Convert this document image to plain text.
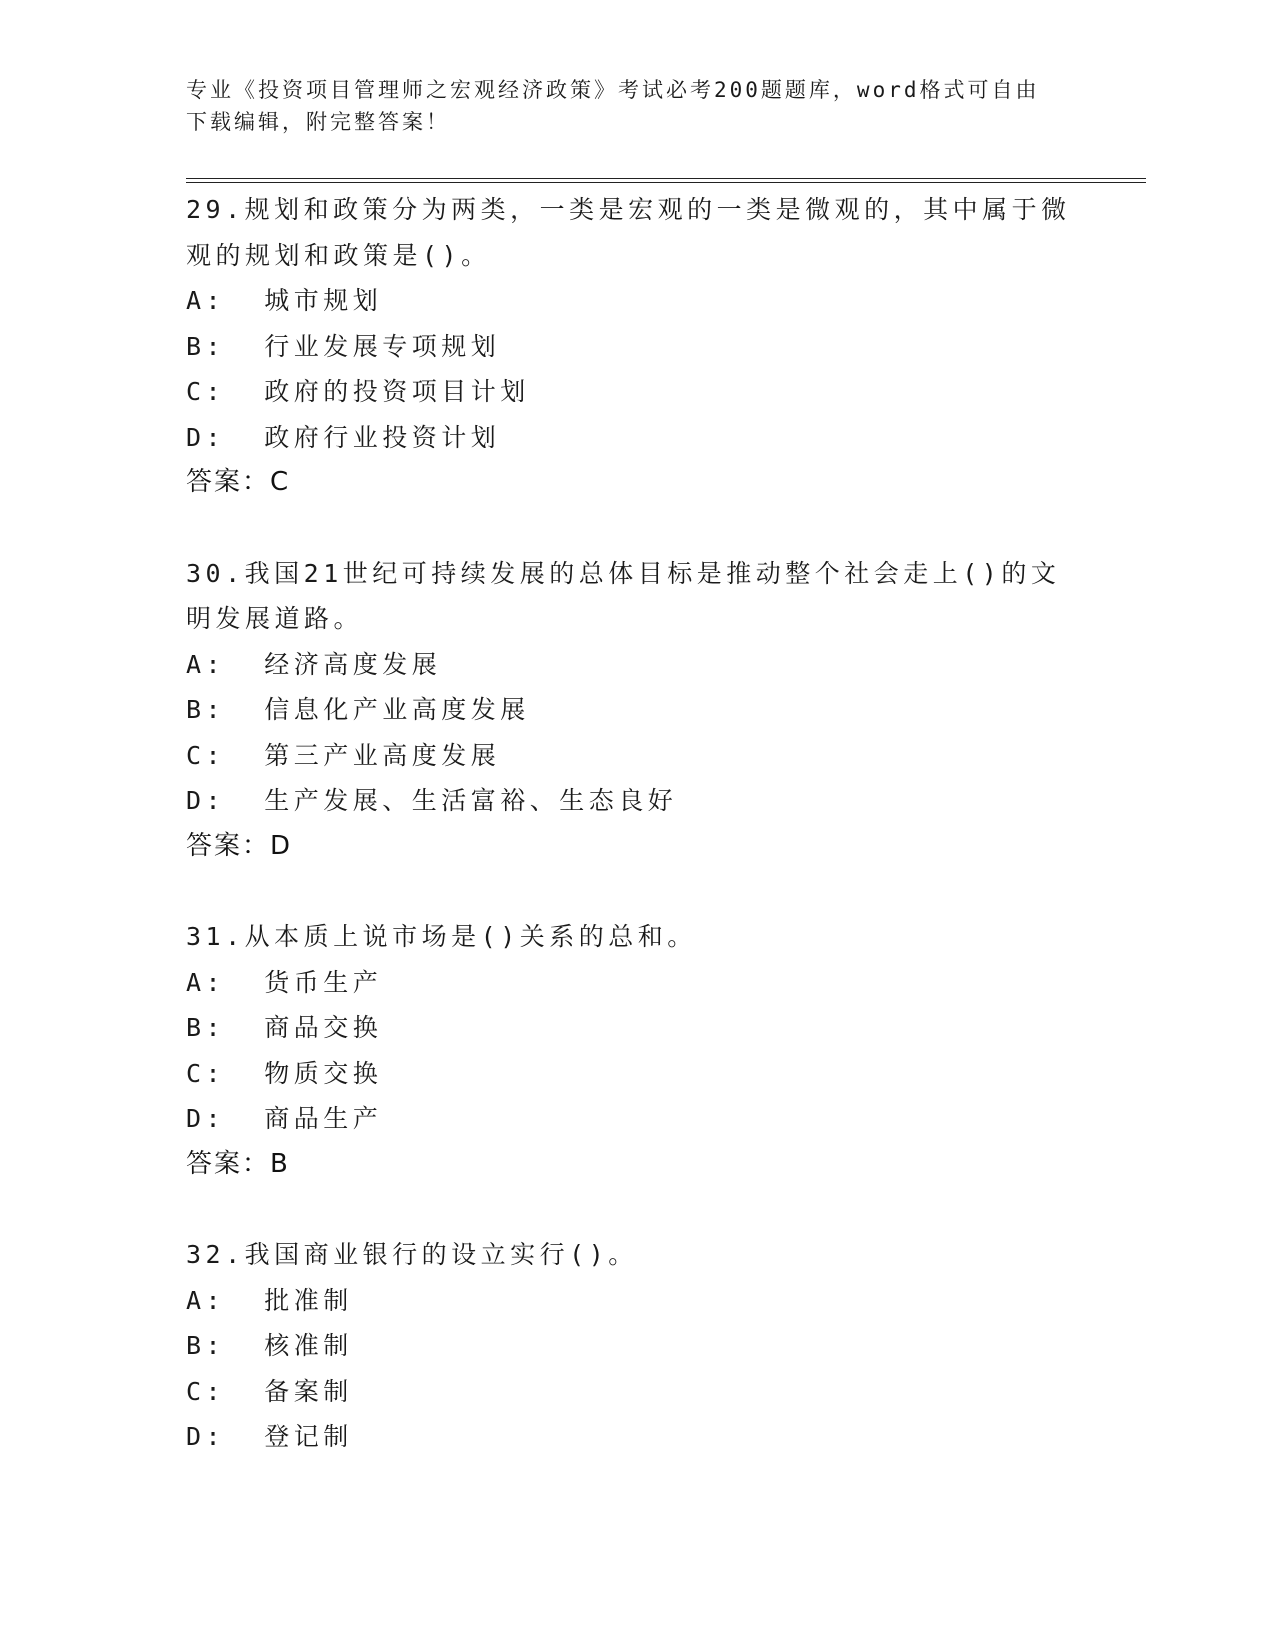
专业《投资项目管理师之宏观经济政策》考试必考200题题库，word格式可自由
下载编辑，附完整答案！

29.规划和政策分为两类，一类是宏观的一类是微观的，其中属于微观的规划和政策是()。

A:  城市规划

B:  行业发展专项规划

C:  政府的投资项目计划

D:  政府行业投资计划

答案：C

30.我国21世纪可持续发展的总体目标是推动整个社会走上()的文明发展道路。

A:  经济高度发展

B:  信息化产业高度发展

C:  第三产业高度发展

D:  生产发展、生活富裕、生态良好

答案：D

31.从本质上说市场是()关系的总和。

A:  货币生产

B:  商品交换

C:  物质交换

D:  商品生产

答案：B

32.我国商业银行的设立实行()。

A:  批准制

B:  核准制

C:  备案制

D:  登记制
